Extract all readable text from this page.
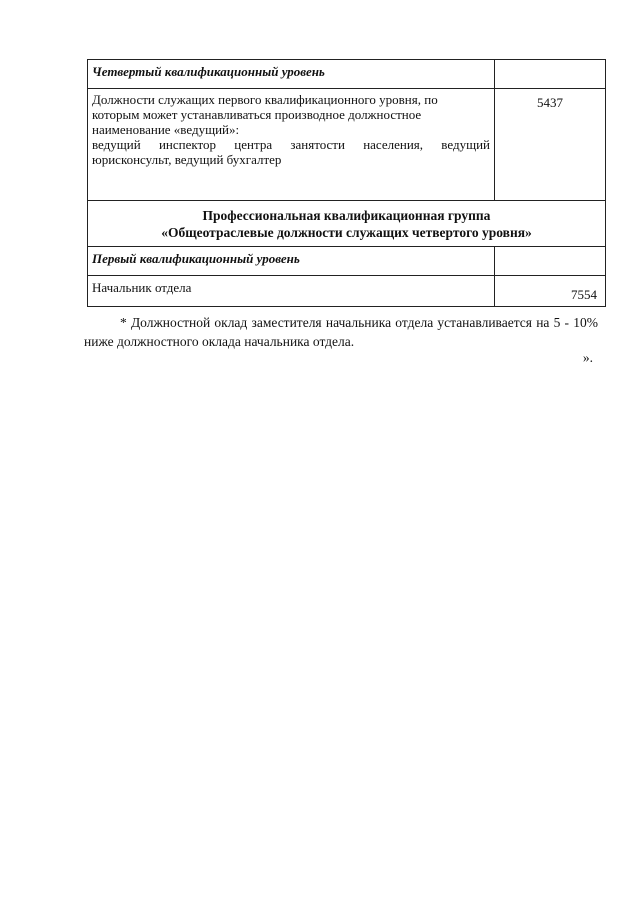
Четвертый квалификационный уровень	

Должности служащих первого квалификационного уровня, по которым может устанавливаться производное должностное наименование «ведущий»:
ведущий инспектор центра занятости населения, ведущий юрисконсульт, ведущий бухгалтер	5437

Профессиональная квалификационная группа
«Общеотраслевые должности служащих четвертого уровня»	

Первый квалификационный уровень	
Начальник отдела	7554

* Должностной оклад заместителя начальника отдела устанавливается на 5 - 10% ниже должностного оклада начальника отдела.

».
